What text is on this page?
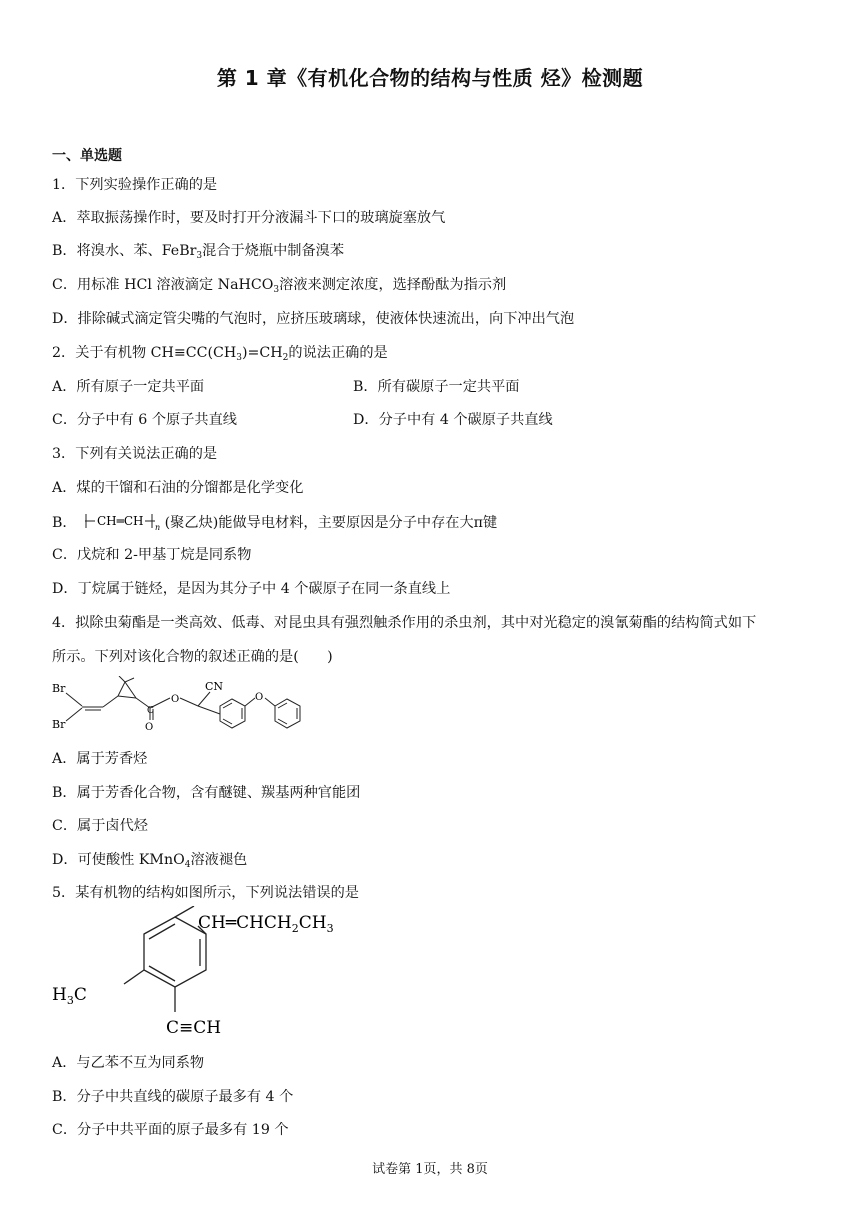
第 1 章《有机化合物的结构与性质 烃》检测题
一、单选题
1．下列实验操作正确的是
A．萃取振荡操作时，要及时打开分液漏斗下口的玻璃旋塞放气
B．将溴水、苯、FeBr$_3$混合于烧瓶中制备溴苯
C．用标准 HCl 溶液滴定 NaHCO$_3$溶液来测定浓度，选择酚酞为指示剂
D．排除碱式滴定管尖嘴的气泡时，应挤压玻璃球，使液体快速流出，向下冲出气泡
2．关于有机物 $CH\equiv CC(CH_3)=CH_2$的说法正确的是
A．所有原子一定共平面	B．所有碳原子一定共平面
C．分子中有 6 个原子共直线	D．分子中有 4 个碳原子共直线
3．下列有关说法正确的是
A．煤的干馏和石油的分馏都是化学变化
B． CH═CH n (聚乙炔)能做导电材料，主要原因是分子中存在大π键
C．戊烷和 2-甲基丁烷是同系物
D．丁烷属于链烃，是因为其分子中 4 个碳原子在同一条直线上
4．拟除虫菊酯是一类高效、低毒、对昆虫具有强烈触杀作用的杀虫剂，其中对光稳定的溴氰菊酯的结构简式如下
所示。下列对该化合物的叙述正确的是(　　)
Br
Br	O
C
O
CN
O
A．属于芳香烃
B．属于芳香化合物，含有醚键、羰基两种官能团
C．属于卤代烃
D．可使酸性 KMnO$_4$溶液褪色
5．某有机物的结构如图所示，下列说法错误的是
$CH═CHCH_2CH_3$
$H_3C$
C≡CH
A．与乙苯不互为同系物
B．分子中共直线的碳原子最多有 4 个
C．分子中共平面的原子最多有 19 个
试卷第 1页，共 8页
